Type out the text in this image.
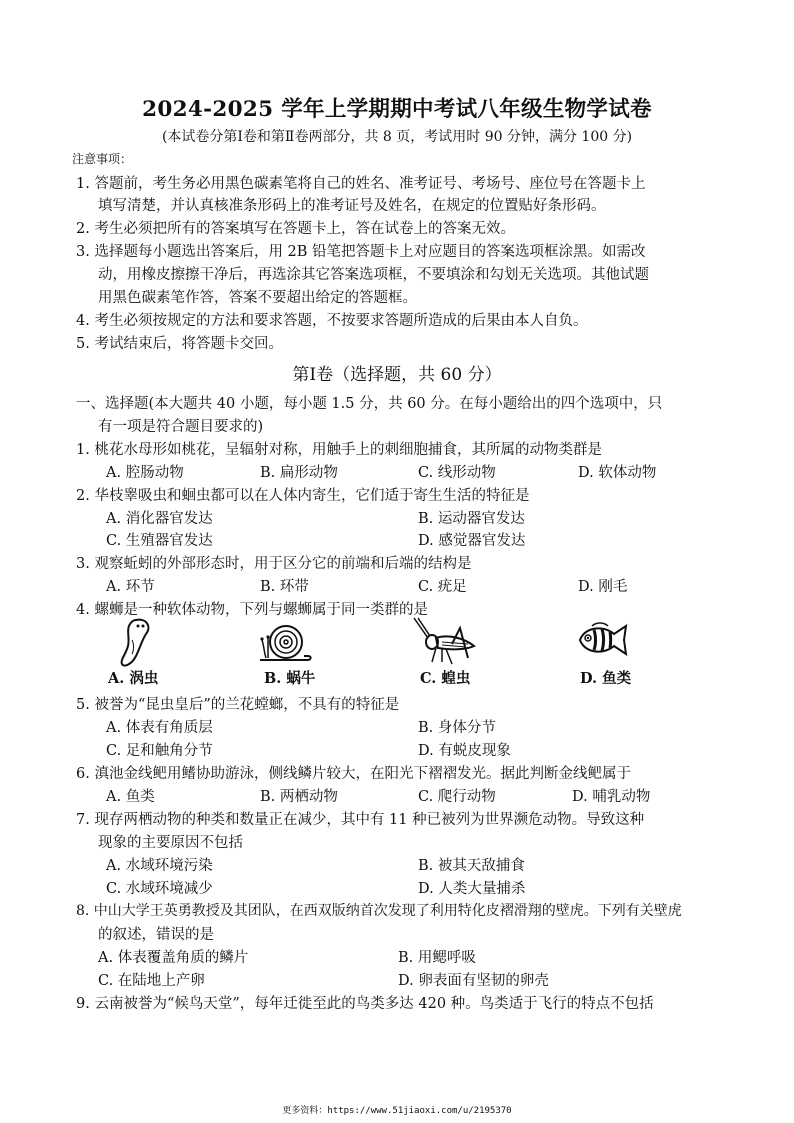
2024-2025 学年上学期期中考试八年级生物学试卷
(本试卷分第Ⅰ卷和第Ⅱ卷两部分，共 8 页，考试用时 90 分钟，满分 100 分)
注意事项：
1. 答题前，考生务必用黑色碳素笔将自己的姓名、准考证号、考场号、座位号在答题卡上
填写清楚，并认真核准条形码上的准考证号及姓名，在规定的位置贴好条形码。
2. 考生必须把所有的答案填写在答题卡上，答在试卷上的答案无效。
3. 选择题每小题选出答案后，用 2B 铅笔把答题卡上对应题目的答案选项框涂黑。如需改
动，用橡皮擦擦干净后，再选涂其它答案选项框，不要填涂和勾划无关选项。其他试题
用黑色碳素笔作答，答案不要超出给定的答题框。
4. 考生必须按规定的方法和要求答题，不按要求答题所造成的后果由本人自负。
5. 考试结束后，将答题卡交回。
第Ⅰ卷（选择题，共 60 分）
一、选择题(本大题共 40 小题，每小题 1.5 分，共 60 分。在每小题给出的四个选项中，只
有一项是符合题目要求的)
1. 桃花水母形如桃花，呈辐射对称，用触手上的刺细胞捕食，其所属的动物类群是
A. 腔肠动物	B. 扁形动物	C. 线形动物	D. 软体动物
2. 华枝睾吸虫和蛔虫都可以在人体内寄生，它们适于寄生生活的特征是
A. 消化器官发达	B. 运动器官发达
C. 生殖器官发达	D. 感觉器官发达
3. 观察蚯蚓的外部形态时，用于区分它的前端和后端的结构是
A. 环节	B. 环带	C. 疣足	D. 刚毛
4. 螺蛳是一种软体动物，下列与螺蛳属于同一类群的是
A. 涡虫	B. 蜗牛	C. 蝗虫	D. 鱼类
5. 被誉为“昆虫皇后”的兰花螳螂，不具有的特征是
A. 体表有角质层	B. 身体分节
C. 足和触角分节	D. 有蜕皮现象
6. 滇池金线鲃用鳍协助游泳，侧线鳞片较大，在阳光下褶褶发光。据此判断金线鲃属于
A. 鱼类	B. 两栖动物	C. 爬行动物	D. 哺乳动物
7. 现存两栖动物的种类和数量正在减少，其中有 11 种已被列为世界濒危动物。导致这种
现象的主要原因不包括
A. 水域环境污染	B. 被其天敌捕食
C. 水域环境减少	D. 人类大量捕杀
8. 中山大学王英勇教授及其团队，在西双版纳首次发现了利用特化皮褶滑翔的壁虎。下列有关壁虎
的叙述，错误的是
A. 体表覆盖角质的鳞片	B. 用鳃呼吸
C. 在陆地上产卵	D. 卵表面有坚韧的卵壳
9. 云南被誉为“候鸟天堂”，每年迁徙至此的鸟类多达 420 种。鸟类适于飞行的特点不包括
更多资料：https://www.51jiaoxi.com/u/2195370
